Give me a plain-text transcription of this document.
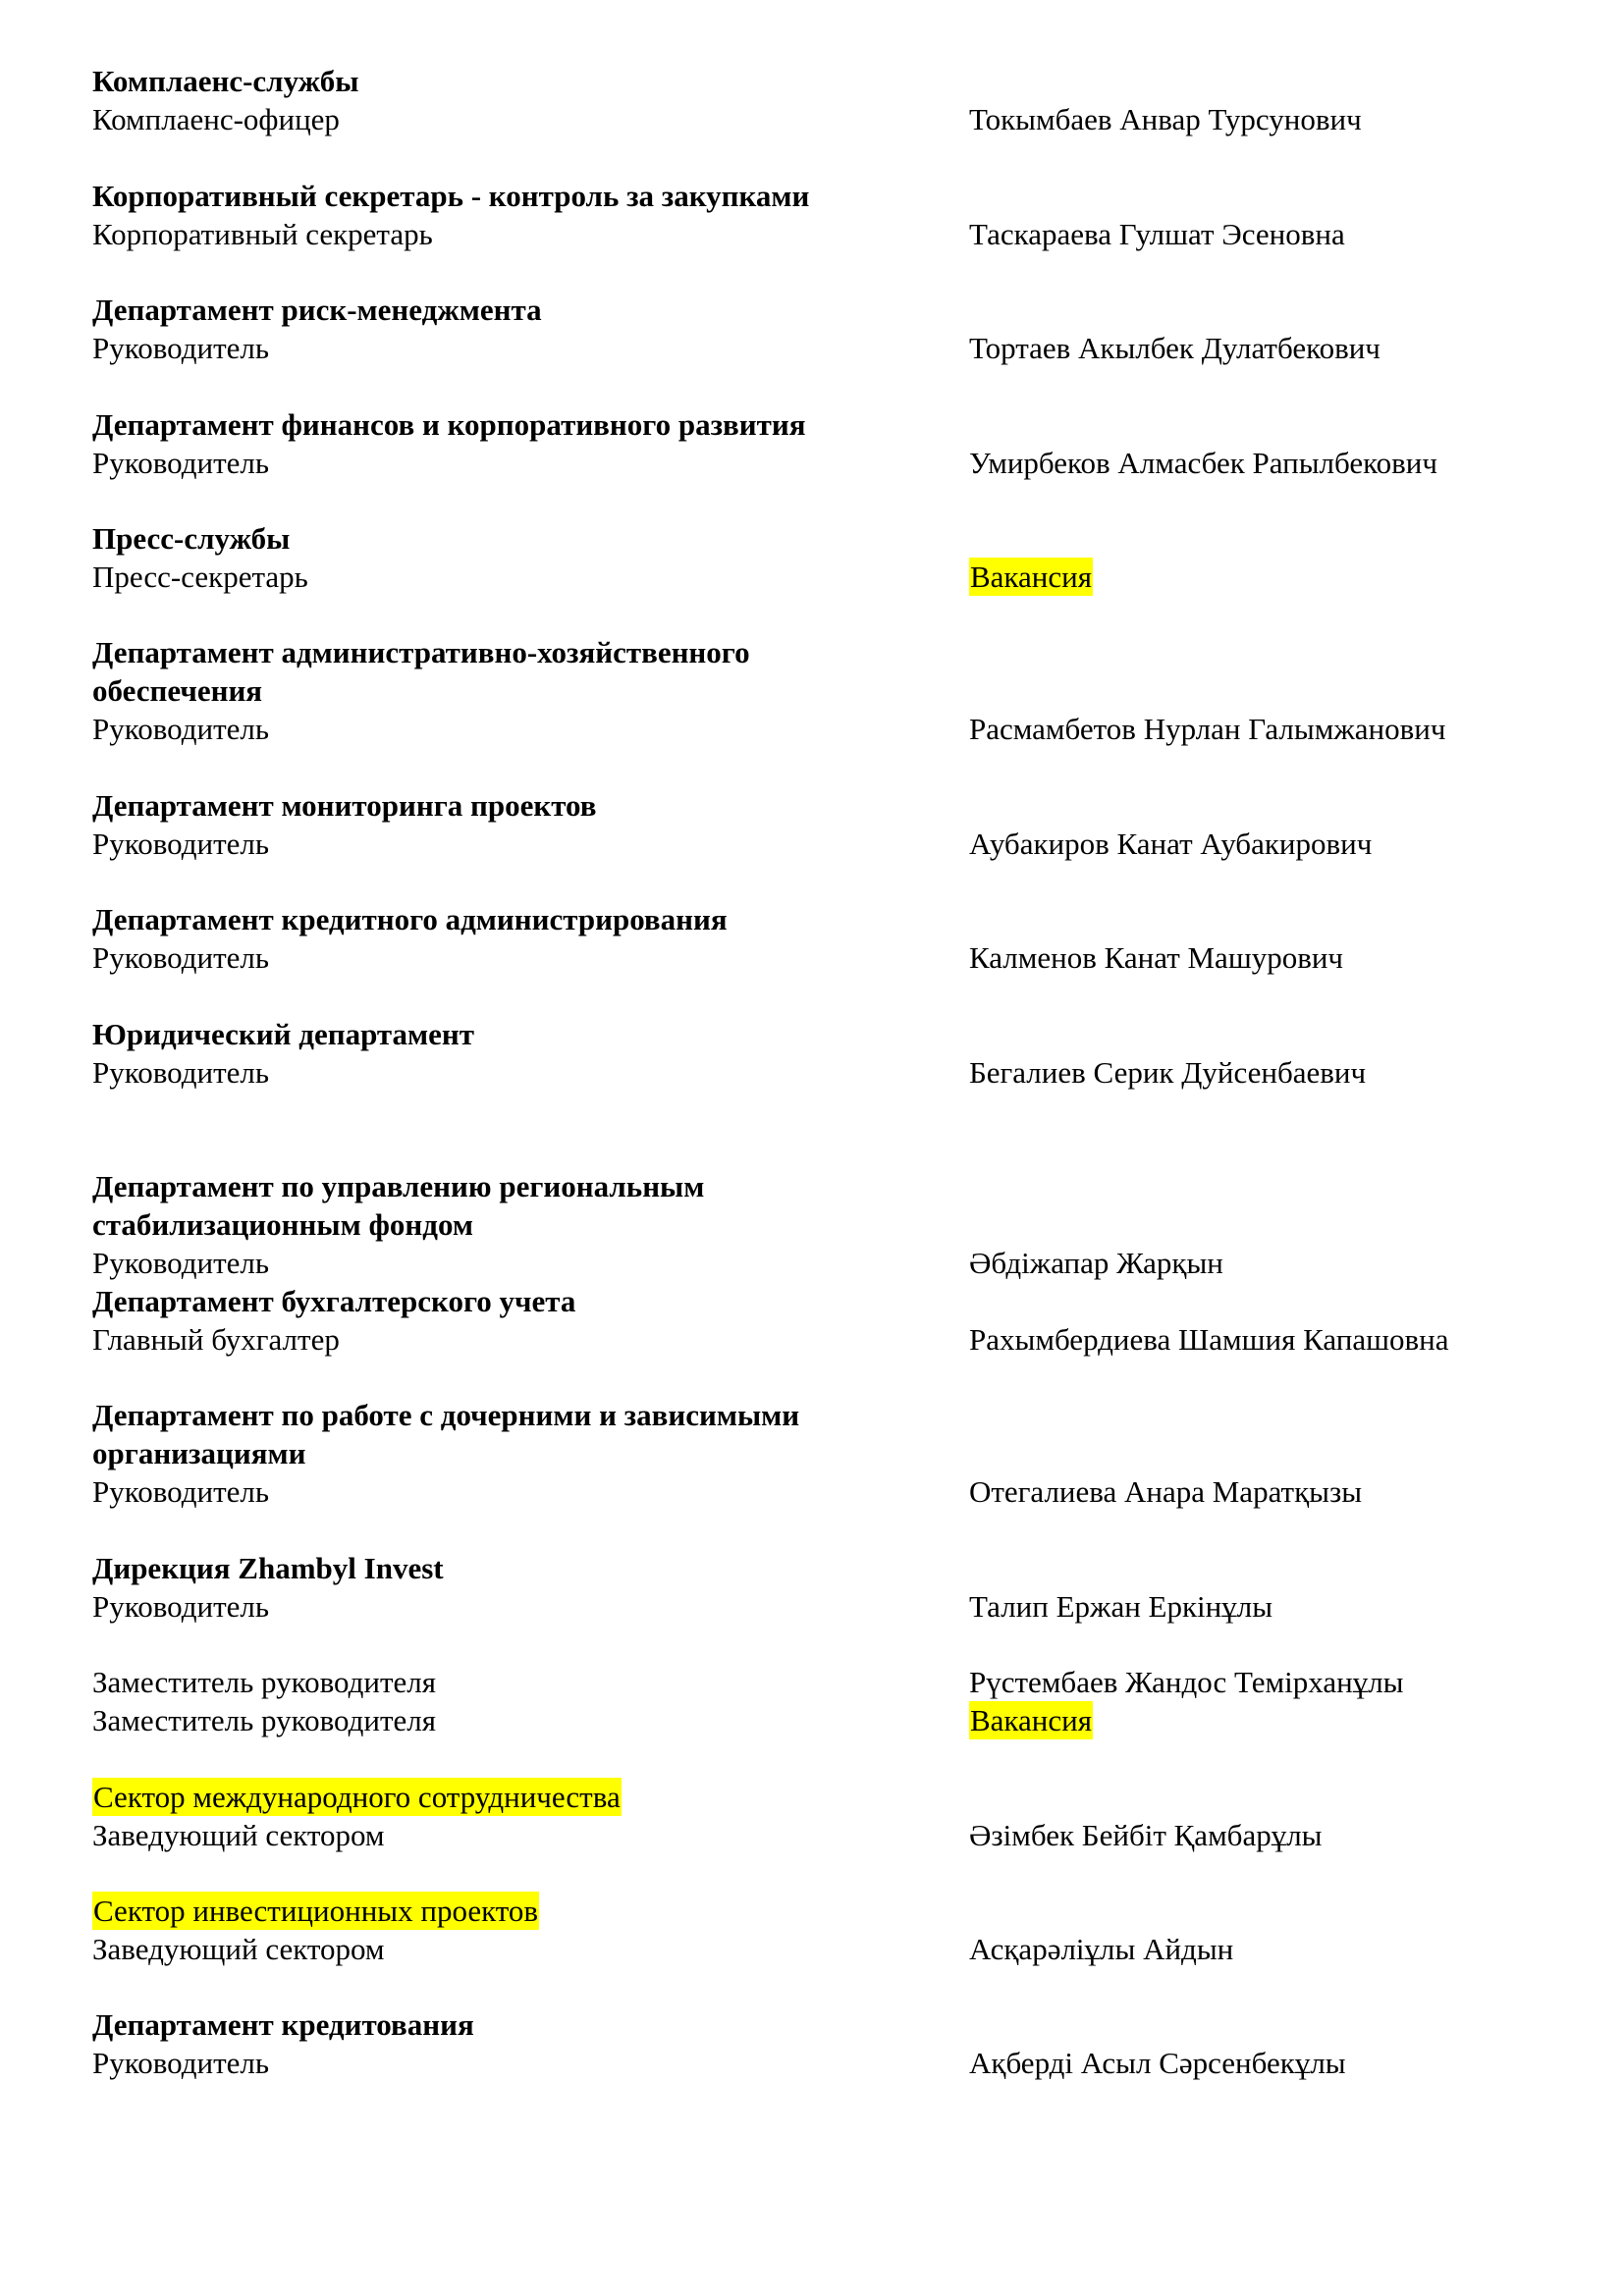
Комплаенс-службы
Комплаенс-офицер	Токымбаев Анвар Турсунович
Корпоративный секретарь - контроль за закупками
Корпоративный секретарь	Таскараева Гулшат Эсеновна
Департамент риск-менеджмента
Руководитель	Тортаев Акылбек Дулатбекович
Департамент финансов и корпоративного развития
Руководитель	Умирбеков Алмасбек Рапылбекович
Пресс-службы
Пресс-секретарь	Вакансия
Департамент административно-хозяйственного
обеспечения
Руководитель	Расмамбетов Нурлан Галымжанович
Департамент мониторинга проектов
Руководитель	Аубакиров Канат Аубакирович
Департамент кредитного администрирования
Руководитель	Калменов Канат Машурович
Юридический департамент
Руководитель	Бегалиев Серик Дуйсенбаевич
Департамент по управлению региональным
стабилизационным фондом
Руководитель	Әбдіжапар Жарқын
Департамент бухгалтерского учета
Главный бухгалтер	Рахымбердиева Шамшия Капашовна
Департамент по работе с дочерними и зависимыми
организациями
Руководитель	Отегалиева Анара Маратқызы
Дирекция Zhambyl Invest
Руководитель	Талип Ержан Еркінұлы
Заместитель руководителя	Рүстембаев Жандос Темірханұлы
Заместитель руководителя	Вакансия
Сектор международного сотрудничества
Заведующий сектором	Әзімбек Бейбіт Қамбарұлы
Сектор инвестиционных проектов
Заведующий сектором	Асқарәліұлы Айдын
Департамент кредитования
Руководитель	Ақберді Асыл Сәрсенбекұлы
